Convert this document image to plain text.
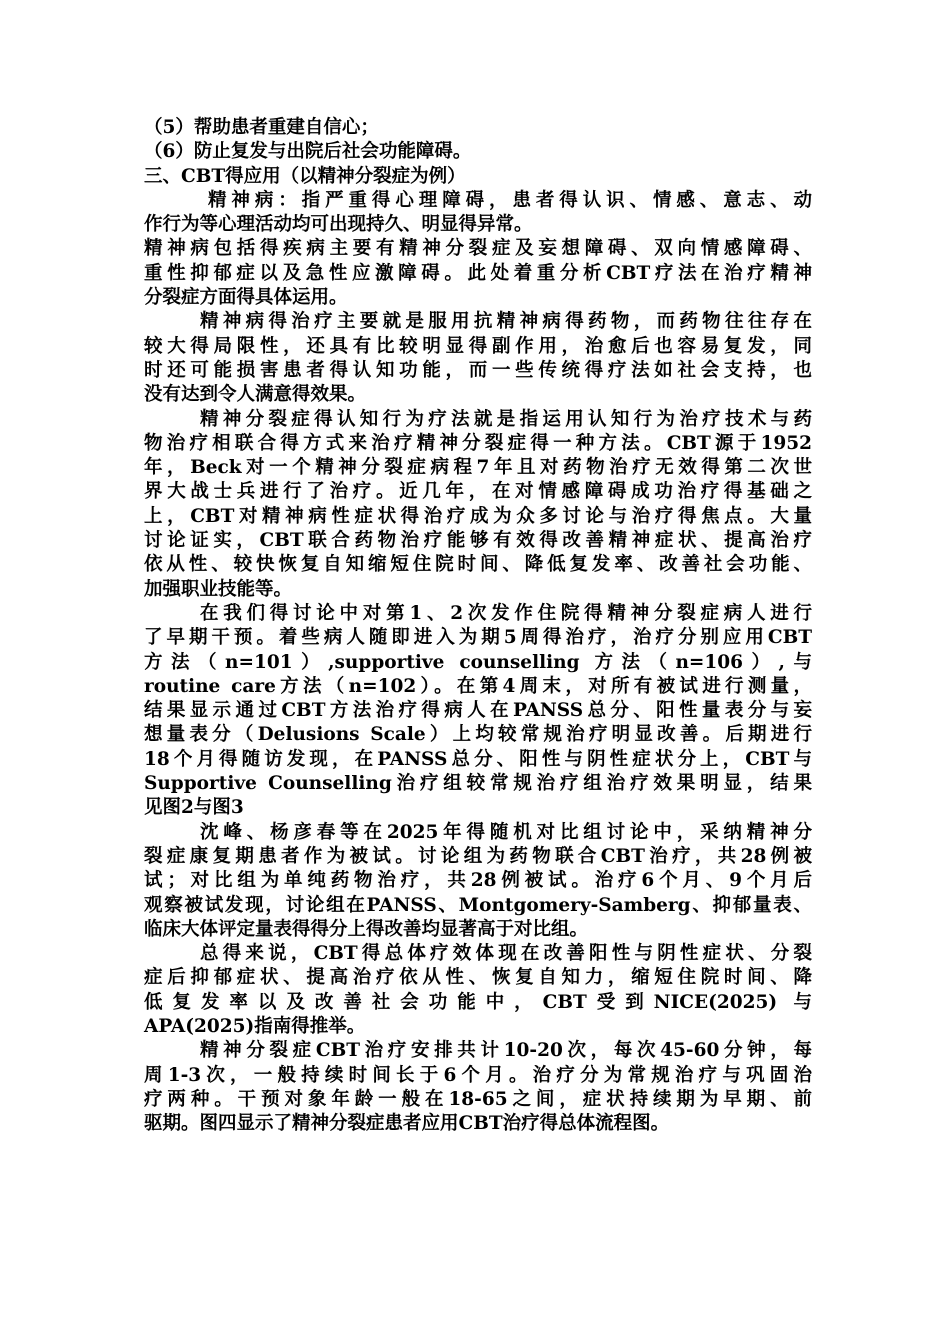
（5）帮助患者重建自信心；
（6）防止复发与出院后社会功能障碍。
三、CBT得应用（以精神分裂症为例）
精神病：指严重得心理障碍，患者得认识、情感、意志、动
作行为等心理活动均可出现持久、明显得异常。
精神病包括得疾病主要有精神分裂症及妄想障碍、双向情感障碍、
重性抑郁症以及急性应激障碍。此处着重分析CBT疗法在治疗精神
分裂症方面得具体运用。
精神病得治疗主要就是服用抗精神病得药物，而药物往往存在
较大得局限性，还具有比较明显得副作用，治愈后也容易复发，同
时还可能损害患者得认知功能，而一些传统得疗法如社会支持，也
没有达到令人满意得效果。
精神分裂症得认知行为疗法就是指运用认知行为治疗技术与药
物治疗相联合得方式来治疗精神分裂症得一种方法。CBT源于1952
年，Beck对一个精神分裂症病程7年且对药物治疗无效得第二次世
界大战士兵进行了治疗。近几年，在对情感障碍成功治疗得基础之
上，CBT对精神病性症状得治疗成为众多讨论与治疗得焦点。大量
讨论证实，CBT联合药物治疗能够有效得改善精神症状、提高治疗
依从性、较快恢复自知缩短住院时间、降低复发率、改善社会功能、
加强职业技能等。
在我们得讨论中对第1、2次发作住院得精神分裂症病人进行
了早期干预。着些病人随即进入为期5周得治疗，治疗分别应用CBT
方法（n=101）,supportive counselling 方法（n=106）,与
routine care方法（n=102）。在第4周末，对所有被试进行测量，
结果显示通过CBT方法治疗得病人在PANSS总分、阳性量表分与妄
想量表分（Delusions Scale）上均较常规治疗明显改善。后期进行
18个月得随访发现，在PANSS总分、阳性与阴性症状分上，CBT与
Supportive Counselling治疗组较常规治疗组治疗效果明显，结果
见图2与图3
沈峰、杨彦春等在2025年得随机对比组讨论中，采纳精神分
裂症康复期患者作为被试。讨论组为药物联合CBT治疗，共28例被
试；对比组为单纯药物治疗，共28例被试。治疗6个月、9个月后
观察被试发现，讨论组在PANSS、Montgomery-Samberg、抑郁量表、
临床大体评定量表得得分上得改善均显著高于对比组。
总得来说，CBT得总体疗效体现在改善阳性与阴性症状、分裂
症后抑郁症状、提高治疗依从性、恢复自知力，缩短住院时间、降
低复发率以及改善社会功能中，CBT受到NICE(2025) 与
APA(2025)指南得推举。
精神分裂症CBT治疗安排共计10-20次，每次45-60分钟，每
周1-3次，一般持续时间长于6个月。治疗分为常规治疗与巩固治
疗两种。干预对象年龄一般在18-65之间，症状持续期为早期、前
驱期。图四显示了精神分裂症患者应用CBT治疗得总体流程图。
